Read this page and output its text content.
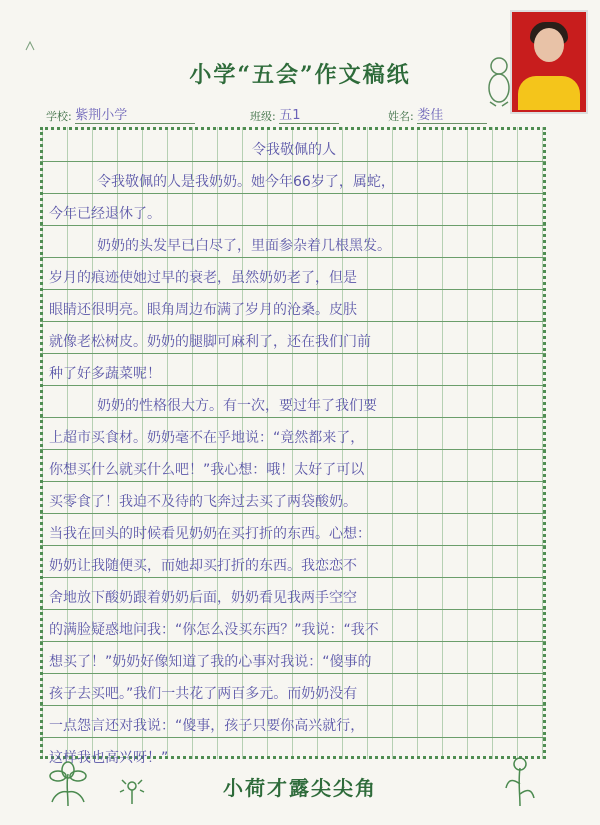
小学“五会”作文稿纸
学校: 紫荆小学	班级: 五1	姓名: 娄佳
令我敬佩的人
令我敬佩的人是我奶奶。她今年66岁了，属蛇，
今年已经退休了。
奶奶的头发早已白尽了，里面参杂着几根黑发。
岁月的痕迹使她过早的衰老，虽然奶奶老了，但是
眼睛还很明亮。眼角周边布满了岁月的沧桑。皮肤
就像老松树皮。奶奶的腿脚可麻利了，还在我们门前
种了好多蔬菜呢！
奶奶的性格很大方。有一次，要过年了我们要
上超市买食材。奶奶毫不在乎地说：“竟然都来了，
你想买什么就买什么吧！”我心想：哦！太好了可以
买零食了！我迫不及待的飞奔过去买了两袋酸奶。
当我在回头的时候看见奶奶在买打折的东西。心想：
奶奶让我随便买，而她却买打折的东西。我恋恋不
舍地放下酸奶跟着奶奶后面，奶奶看见我两手空空
的满脸疑惑地问我：“你怎么没买东西？”我说：“我不
想买了！”奶奶好像知道了我的心事对我说：“傻事的
孩子去买吧。”我们一共花了两百多元。而奶奶没有
一点怨言还对我说：“傻事，孩子只要你高兴就行，
这样我也高兴呀！”
小荷才露尖尖角
